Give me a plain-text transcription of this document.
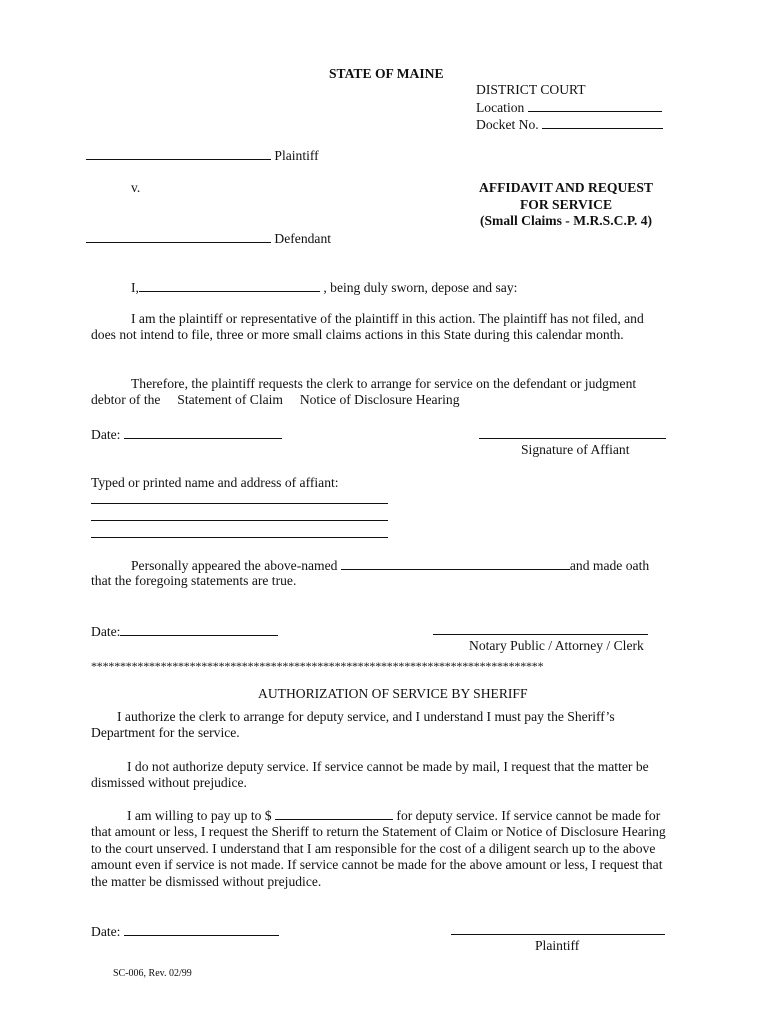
STATE OF MAINE
DISTRICT COURT
Location
Docket No.
Plaintiff
v.
Defendant
AFFIDAVIT AND REQUEST
FOR SERVICE
(Small Claims - M.R.S.C.P. 4)
I,	, being duly sworn, depose and say:
I am the plaintiff or representative of the plaintiff in this action. The plaintiff has not filed, and does not intend to file, three or more small claims actions in this State during this calendar month.
Therefore, the plaintiff requests the clerk to arrange for service on the defendant or judgment debtor of the Statement of Claim Notice of Disclosure Hearing
Date:
Signature of Affiant
Typed or printed name and address of affiant:
Personally appeared the above-named	and made oath
that the foregoing statements are true.
Date:
Notary Public / Attorney / Clerk
******************************************************************************
AUTHORIZATION OF SERVICE BY SHERIFF
I authorize the clerk to arrange for deputy service, and I understand I must pay the Sheriff’s Department for the service.
I do not authorize deputy service. If service cannot be made by mail, I request that the matter be dismissed without prejudice.
I am willing to pay up to $	for deputy service. If service cannot be made for that amount or less, I request the Sheriff to return the Statement of Claim or Notice of Disclosure Hearing to the court unserved. I understand that I am responsible for the cost of a diligent search up to the above amount even if service is not made. If service cannot be made for the above amount or less, I request that the matter be dismissed without prejudice.
Date:
Plaintiff
SC-006, Rev. 02/99
